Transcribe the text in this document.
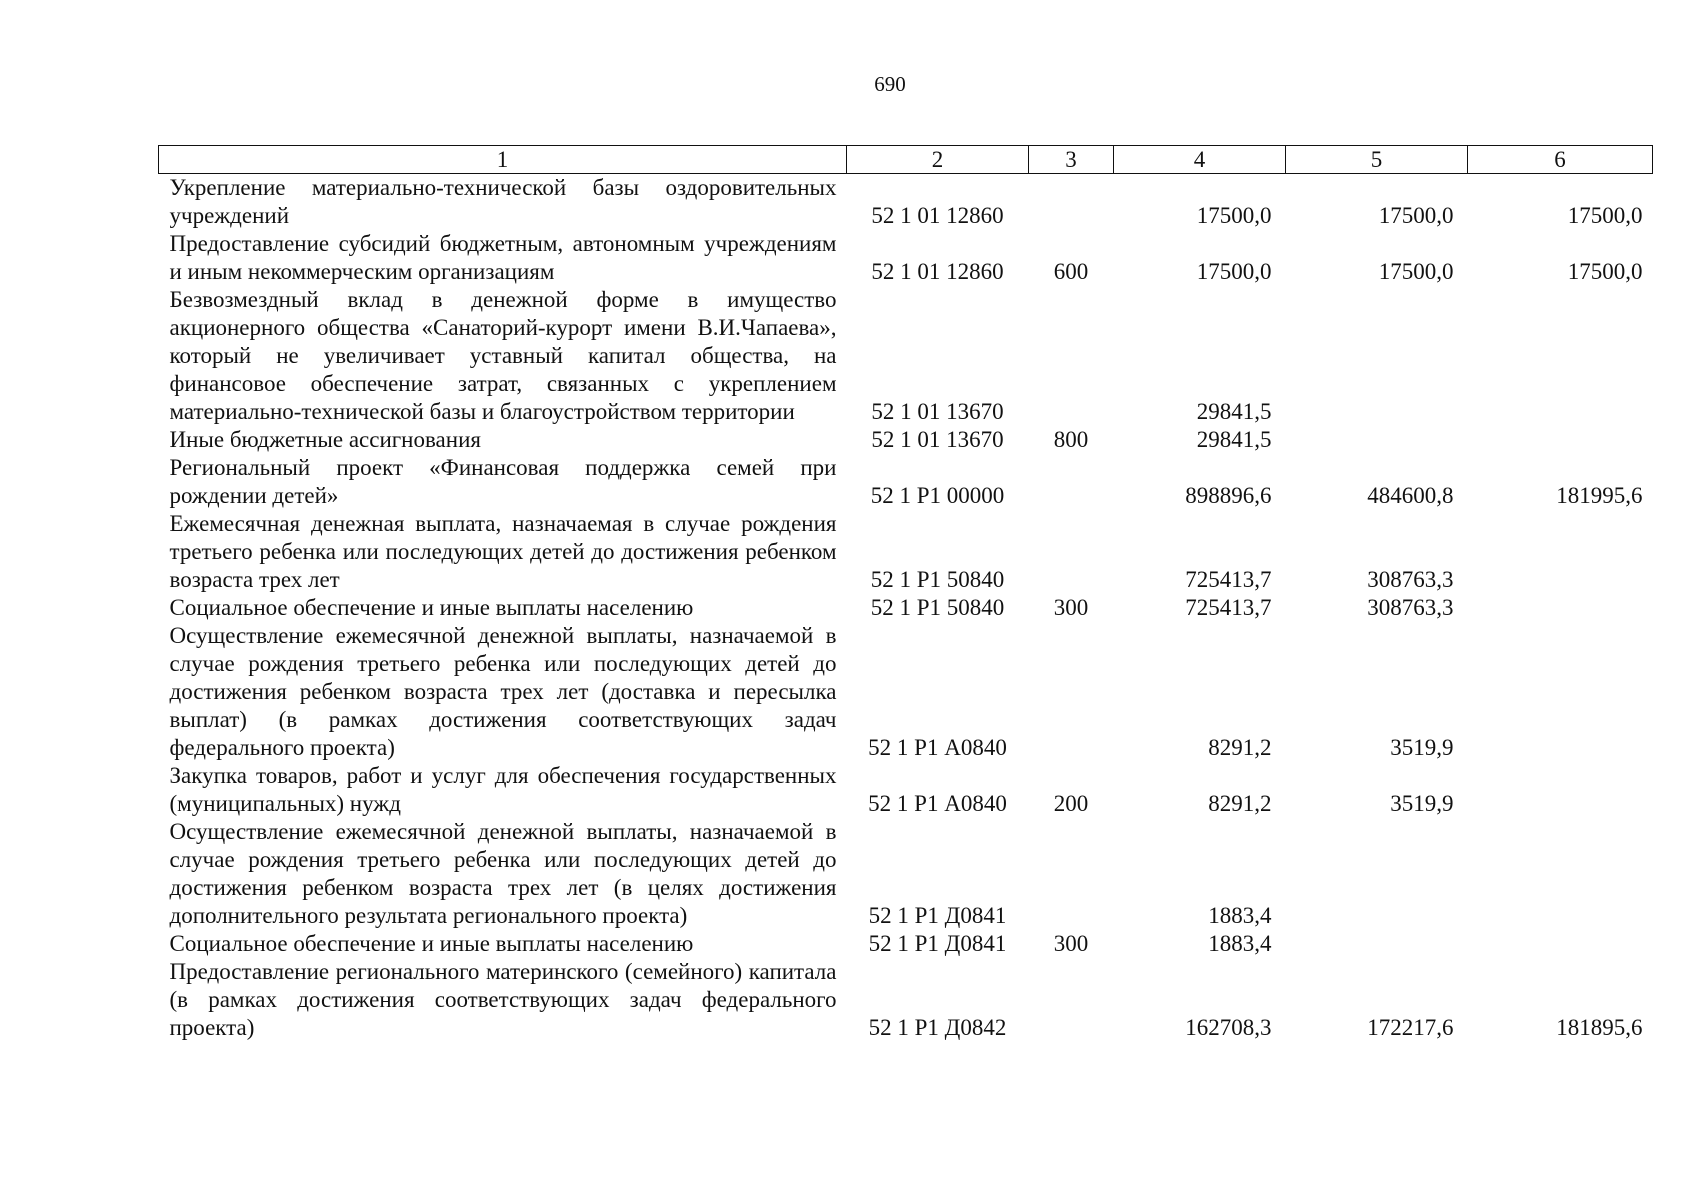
690
1	2	3	4	5	6
Укрепление материально-технической базы оздоровительных учреждений	52 1 01 12860		17500,0	17500,0	17500,0
Предоставление субсидий бюджетным, автономным учреждениям и иным некоммерческим организациям	52 1 01 12860	600	17500,0	17500,0	17500,0
Безвозмездный вклад в денежной форме в имущество акционерного общества «Санаторий-курорт имени В.И.Чапаева», который не увеличивает уставный капитал общества, на финансовое обеспечение затрат, связанных с укреплением материально-технической базы и благоустройством территории	52 1 01 13670		29841,5		
Иные бюджетные ассигнования	52 1 01 13670	800	29841,5		
Региональный проект «Финансовая поддержка семей при рождении детей»	52 1 Р1 00000		898896,6	484600,8	181995,6
Ежемесячная денежная выплата, назначаемая в случае рождения третьего ребенка или последующих детей до достижения ребенком возраста трех лет	52 1 Р1 50840		725413,7	308763,3	
Социальное обеспечение и иные выплаты населению	52 1 Р1 50840	300	725413,7	308763,3	
Осуществление ежемесячной денежной выплаты, назначаемой в случае рождения третьего ребенка или последующих детей до достижения ребенком возраста трех лет (доставка и пересылка выплат) (в рамках достижения соответствующих задач федерального проекта)	52 1 Р1 А0840		8291,2	3519,9	
Закупка товаров, работ и услуг для обеспечения государственных (муниципальных) нужд	52 1 Р1 А0840	200	8291,2	3519,9	
Осуществление ежемесячной денежной выплаты, назначаемой в случае рождения третьего ребенка или последующих детей до достижения ребенком возраста трех лет (в целях достижения дополнительного результата регионального проекта)	52 1 Р1 Д0841		1883,4		
Социальное обеспечение и иные выплаты населению	52 1 Р1 Д0841	300	1883,4		
Предоставление регионального материнского (семейного) капитала (в рамках достижения соответствующих задач федерального проекта)	52 1 Р1 Д0842		162708,3	172217,6	181895,6
